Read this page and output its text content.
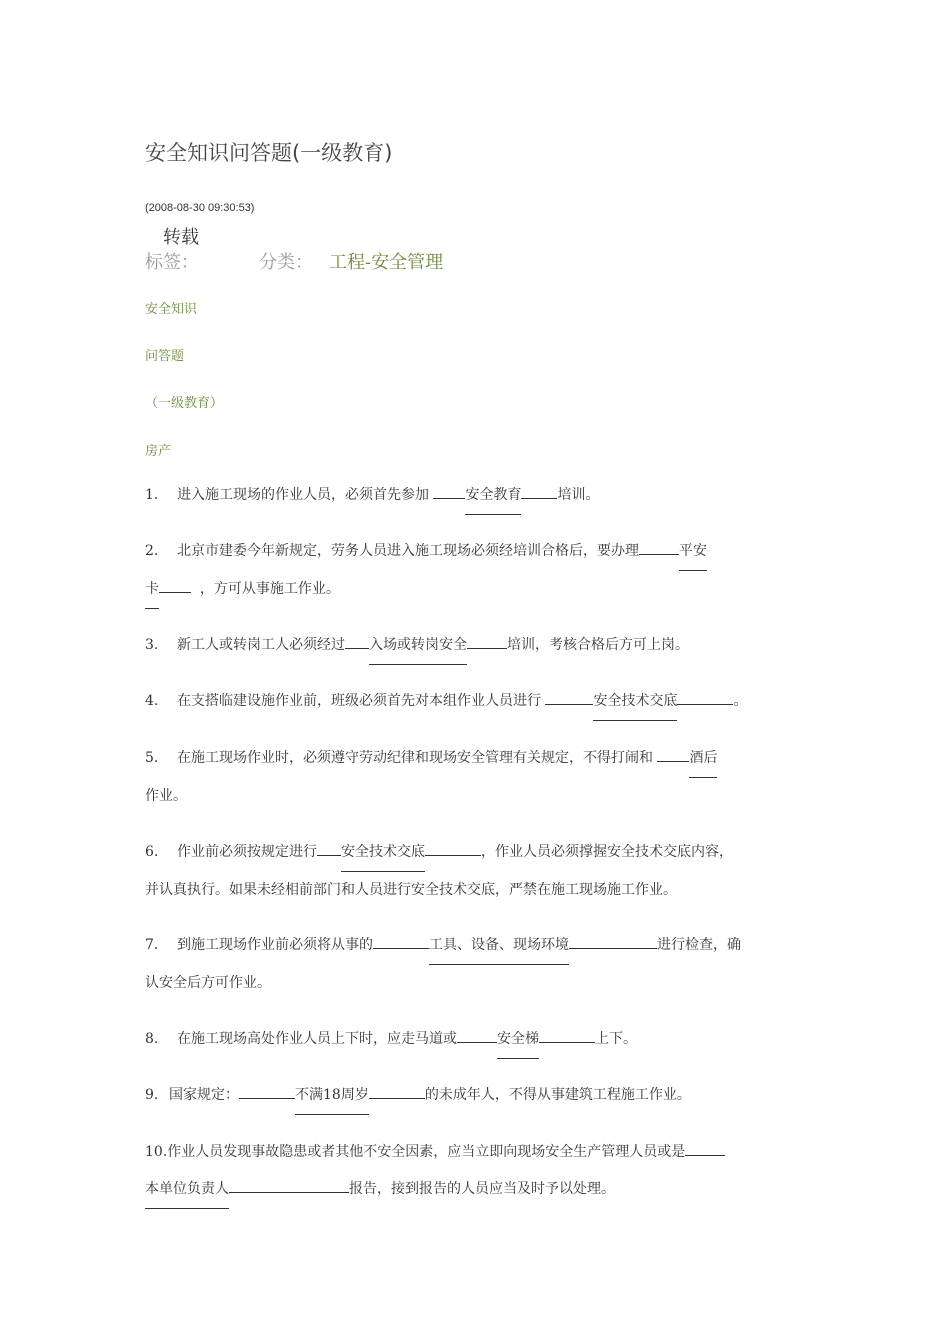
安全知识问答题(一级教育)
(2008-08-30 09:30:53)
转载
标签：	分类： 工程-安全管理
安全知识
问答题
（一级教育）
房产
1. 进入施工现场的作业人员，必须首先参加	安全教育	培训。
2. 北京市建委今年新规定，劳务人员进入施工现场必须经培训合格后，要办理	平安
卡	，方可从事施工作业。
3. 新工人或转岗工人必须经过 入场或转岗安全	培训，考核合格后方可上岗。
4. 在支搭临建设施作业前，班级必须首先对本组作业人员进行	安全技术交底	。
5. 在施工现场作业时，必须遵守劳动纪律和现场安全管理有关规定，不得打闹和	酒后
作业。
6. 作业前必须按规定进行 安全技术交底	，作业人员必须撑握安全技术交底内容，
并认真执行。如果未经相前部门和人员进行安全技术交底，严禁在施工现场施工作业。
7. 到施工现场作业前必须将从事的	工具、设备、现场环境	进行检查，确
认安全后方可作业。
8. 在施工现场高处作业人员上下时，应走马道或	安全梯	上下。
9. 国家规定：	不满18周岁	的未成年人，不得从事建筑工程施工作业。
10.作业人员发现事故隐患或者其他不安全因素，应当立即向现场安全生产管理人员或是
本单位负责人	报告，接到报告的人员应当及时予以处理。
